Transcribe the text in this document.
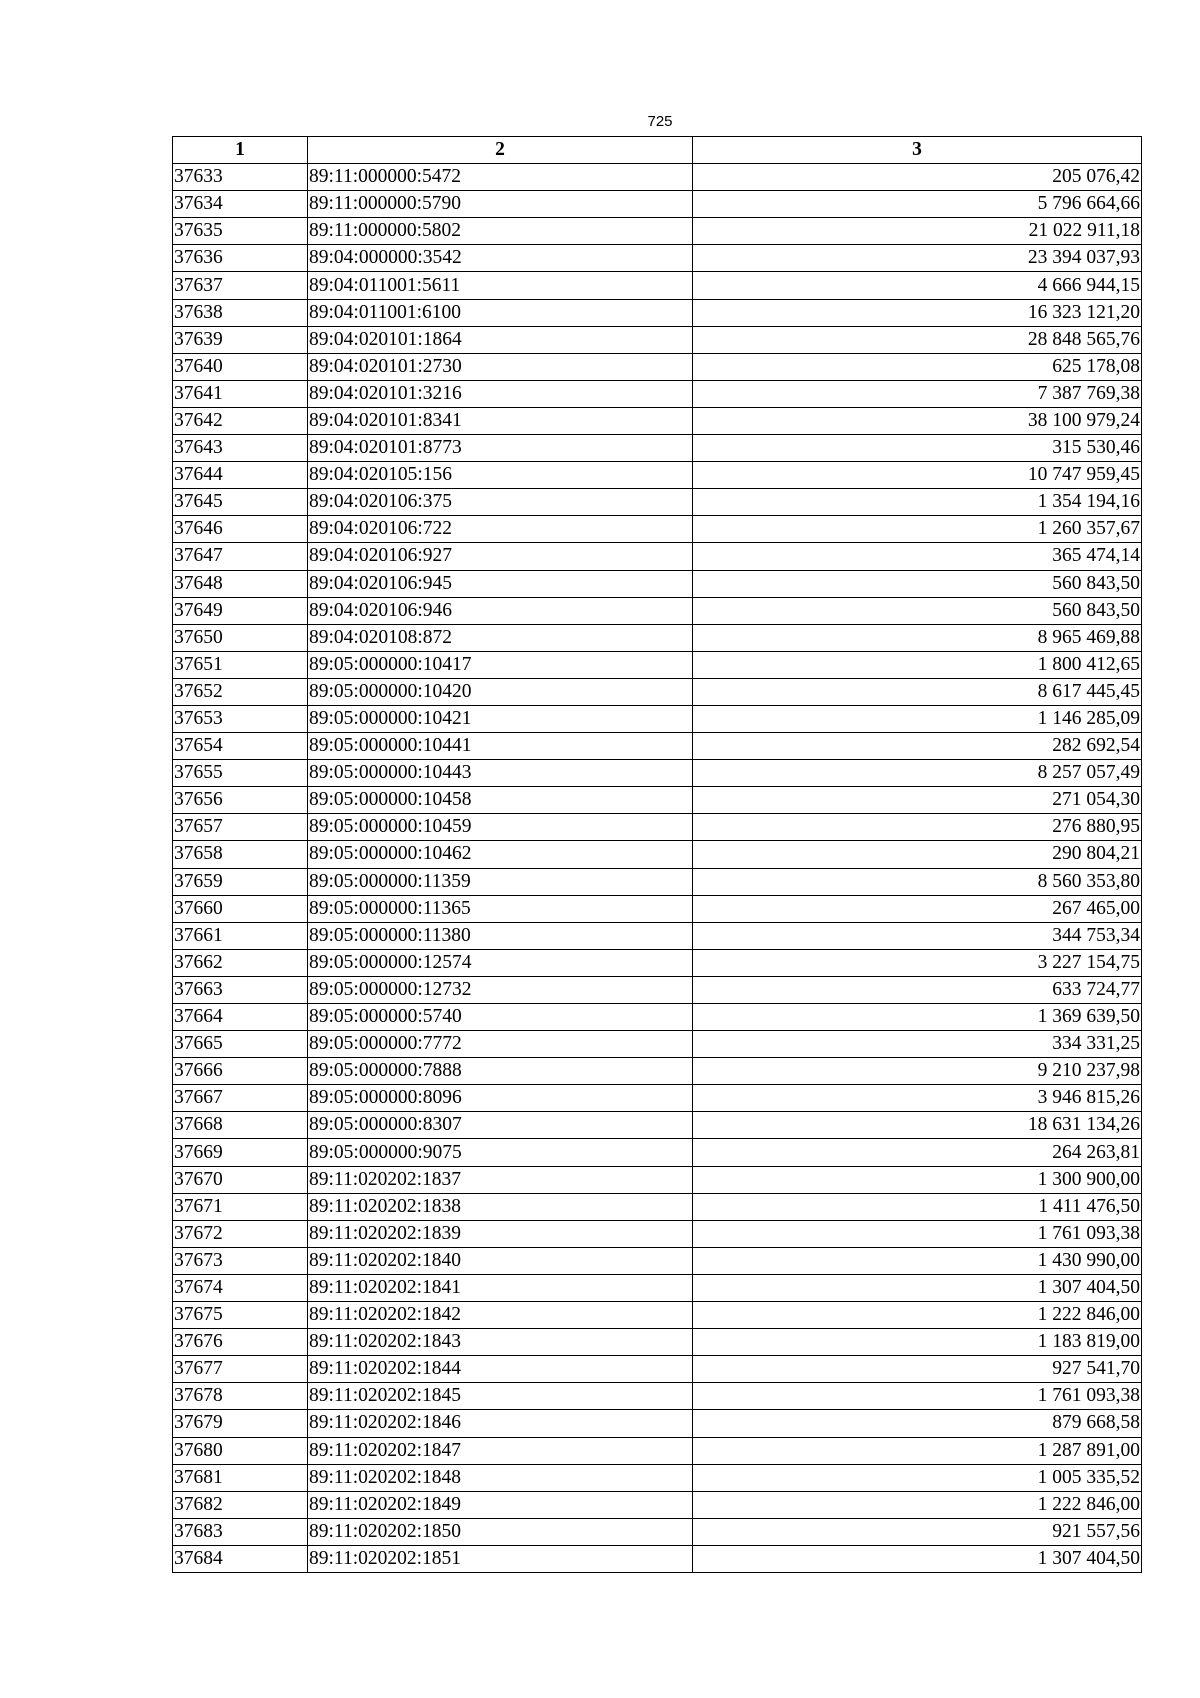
725
1	2	3
37633	89:11:000000:5472	205 076,42
37634	89:11:000000:5790	5 796 664,66
37635	89:11:000000:5802	21 022 911,18
37636	89:04:000000:3542	23 394 037,93
37637	89:04:011001:5611	4 666 944,15
37638	89:04:011001:6100	16 323 121,20
37639	89:04:020101:1864	28 848 565,76
37640	89:04:020101:2730	625 178,08
37641	89:04:020101:3216	7 387 769,38
37642	89:04:020101:8341	38 100 979,24
37643	89:04:020101:8773	315 530,46
37644	89:04:020105:156	10 747 959,45
37645	89:04:020106:375	1 354 194,16
37646	89:04:020106:722	1 260 357,67
37647	89:04:020106:927	365 474,14
37648	89:04:020106:945	560 843,50
37649	89:04:020106:946	560 843,50
37650	89:04:020108:872	8 965 469,88
37651	89:05:000000:10417	1 800 412,65
37652	89:05:000000:10420	8 617 445,45
37653	89:05:000000:10421	1 146 285,09
37654	89:05:000000:10441	282 692,54
37655	89:05:000000:10443	8 257 057,49
37656	89:05:000000:10458	271 054,30
37657	89:05:000000:10459	276 880,95
37658	89:05:000000:10462	290 804,21
37659	89:05:000000:11359	8 560 353,80
37660	89:05:000000:11365	267 465,00
37661	89:05:000000:11380	344 753,34
37662	89:05:000000:12574	3 227 154,75
37663	89:05:000000:12732	633 724,77
37664	89:05:000000:5740	1 369 639,50
37665	89:05:000000:7772	334 331,25
37666	89:05:000000:7888	9 210 237,98
37667	89:05:000000:8096	3 946 815,26
37668	89:05:000000:8307	18 631 134,26
37669	89:05:000000:9075	264 263,81
37670	89:11:020202:1837	1 300 900,00
37671	89:11:020202:1838	1 411 476,50
37672	89:11:020202:1839	1 761 093,38
37673	89:11:020202:1840	1 430 990,00
37674	89:11:020202:1841	1 307 404,50
37675	89:11:020202:1842	1 222 846,00
37676	89:11:020202:1843	1 183 819,00
37677	89:11:020202:1844	927 541,70
37678	89:11:020202:1845	1 761 093,38
37679	89:11:020202:1846	879 668,58
37680	89:11:020202:1847	1 287 891,00
37681	89:11:020202:1848	1 005 335,52
37682	89:11:020202:1849	1 222 846,00
37683	89:11:020202:1850	921 557,56
37684	89:11:020202:1851	1 307 404,50
